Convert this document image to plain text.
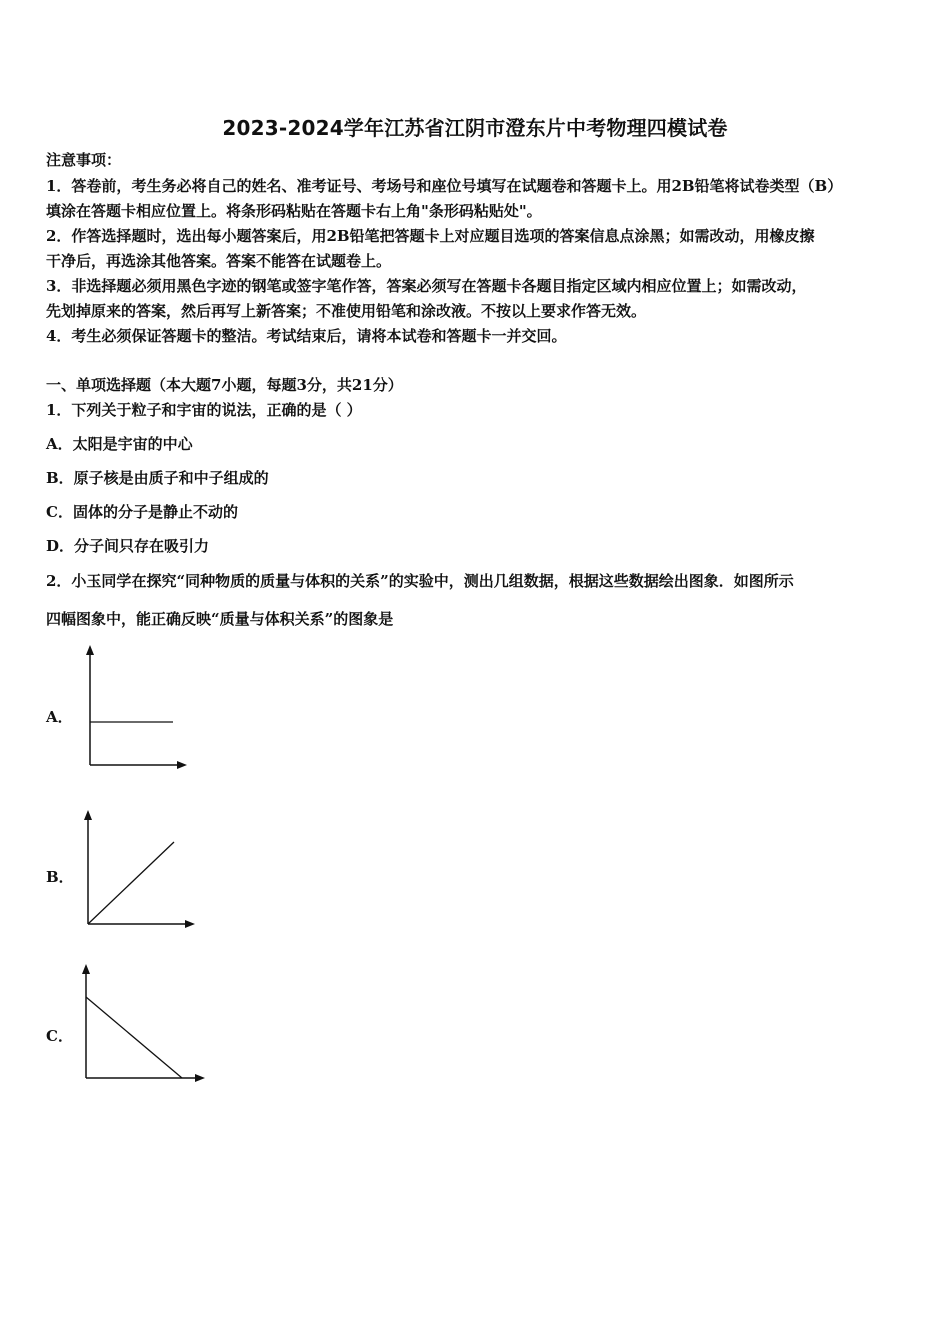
2023-2024学年江苏省江阴市澄东片中考物理四模试卷
注意事项：
1．答卷前，考生务必将自己的姓名、准考证号、考场号和座位号填写在试题卷和答题卡上。用2B铅笔将试卷类型（B）
填涂在答题卡相应位置上。将条形码粘贴在答题卡右上角"条形码粘贴处"。
2．作答选择题时，选出每小题答案后，用2B铅笔把答题卡上对应题目选项的答案信息点涂黑；如需改动，用橡皮擦
干净后，再选涂其他答案。答案不能答在试题卷上。
3．非选择题必须用黑色字迹的钢笔或签字笔作答，答案必须写在答题卡各题目指定区域内相应位置上；如需改动，
先划掉原来的答案，然后再写上新答案；不准使用铅笔和涂改液。不按以上要求作答无效。
4．考生必须保证答题卡的整洁。考试结束后，请将本试卷和答题卡一并交回。
一、单项选择题（本大题7小题，每题3分，共21分）
1．下列关于粒子和宇宙的说法，正确的是（ ）
A．太阳是宇宙的中心
B．原子核是由质子和中子组成的
C．固体的分子是静止不动的
D．分子间只存在吸引力
2．小玉同学在探究“同种物质的质量与体积的关系”的实验中，测出几组数据，根据这些数据绘出图象．如图所示
四幅图象中，能正确反映“质量与体积关系”的图象是
A．
B．
C．
